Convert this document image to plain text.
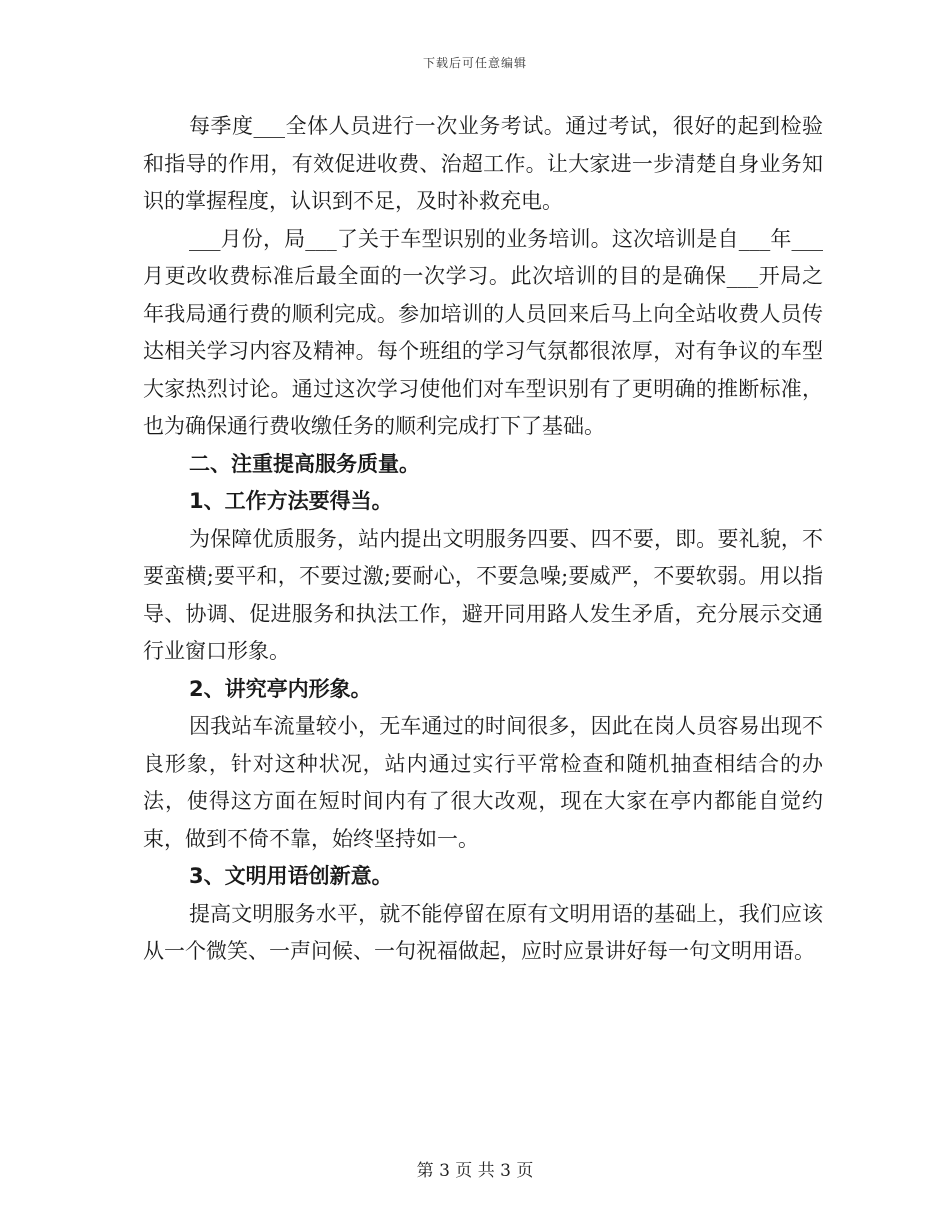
下载后可任意编辑

每季度___全体人员进行一次业务考试。通过考试，很好的起到检验和指导的作用，有效促进收费、治超工作。让大家进一步清楚自身业务知识的掌握程度，认识到不足，及时补救充电。

___月份，局___了关于车型识别的业务培训。这次培训是自___年___月更改收费标准后最全面的一次学习。此次培训的目的是确保___开局之年我局通行费的顺利完成。参加培训的人员回来后马上向全站收费人员传达相关学习内容及精神。每个班组的学习气氛都很浓厚，对有争议的车型大家热烈讨论。通过这次学习使他们对车型识别有了更明确的推断标准，也为确保通行费收缴任务的顺利完成打下了基础。

二、注重提高服务质量。

1、工作方法要得当。

为保障优质服务，站内提出文明服务四要、四不要，即。要礼貌，不要蛮横;要平和，不要过激;要耐心，不要急噪;要威严，不要软弱。用以指导、协调、促进服务和执法工作，避开同用路人发生矛盾，充分展示交通行业窗口形象。

2、讲究亭内形象。

因我站车流量较小，无车通过的时间很多，因此在岗人员容易出现不良形象，针对这种状况，站内通过实行平常检查和随机抽查相结合的办法，使得这方面在短时间内有了很大改观，现在大家在亭内都能自觉约束，做到不倚不靠，始终坚持如一。

3、文明用语创新意。

提高文明服务水平，就不能停留在原有文明用语的基础上，我们应该从一个微笑、一声问候、一句祝福做起，应时应景讲好每一句文明用语。

第 3 页 共 3 页
